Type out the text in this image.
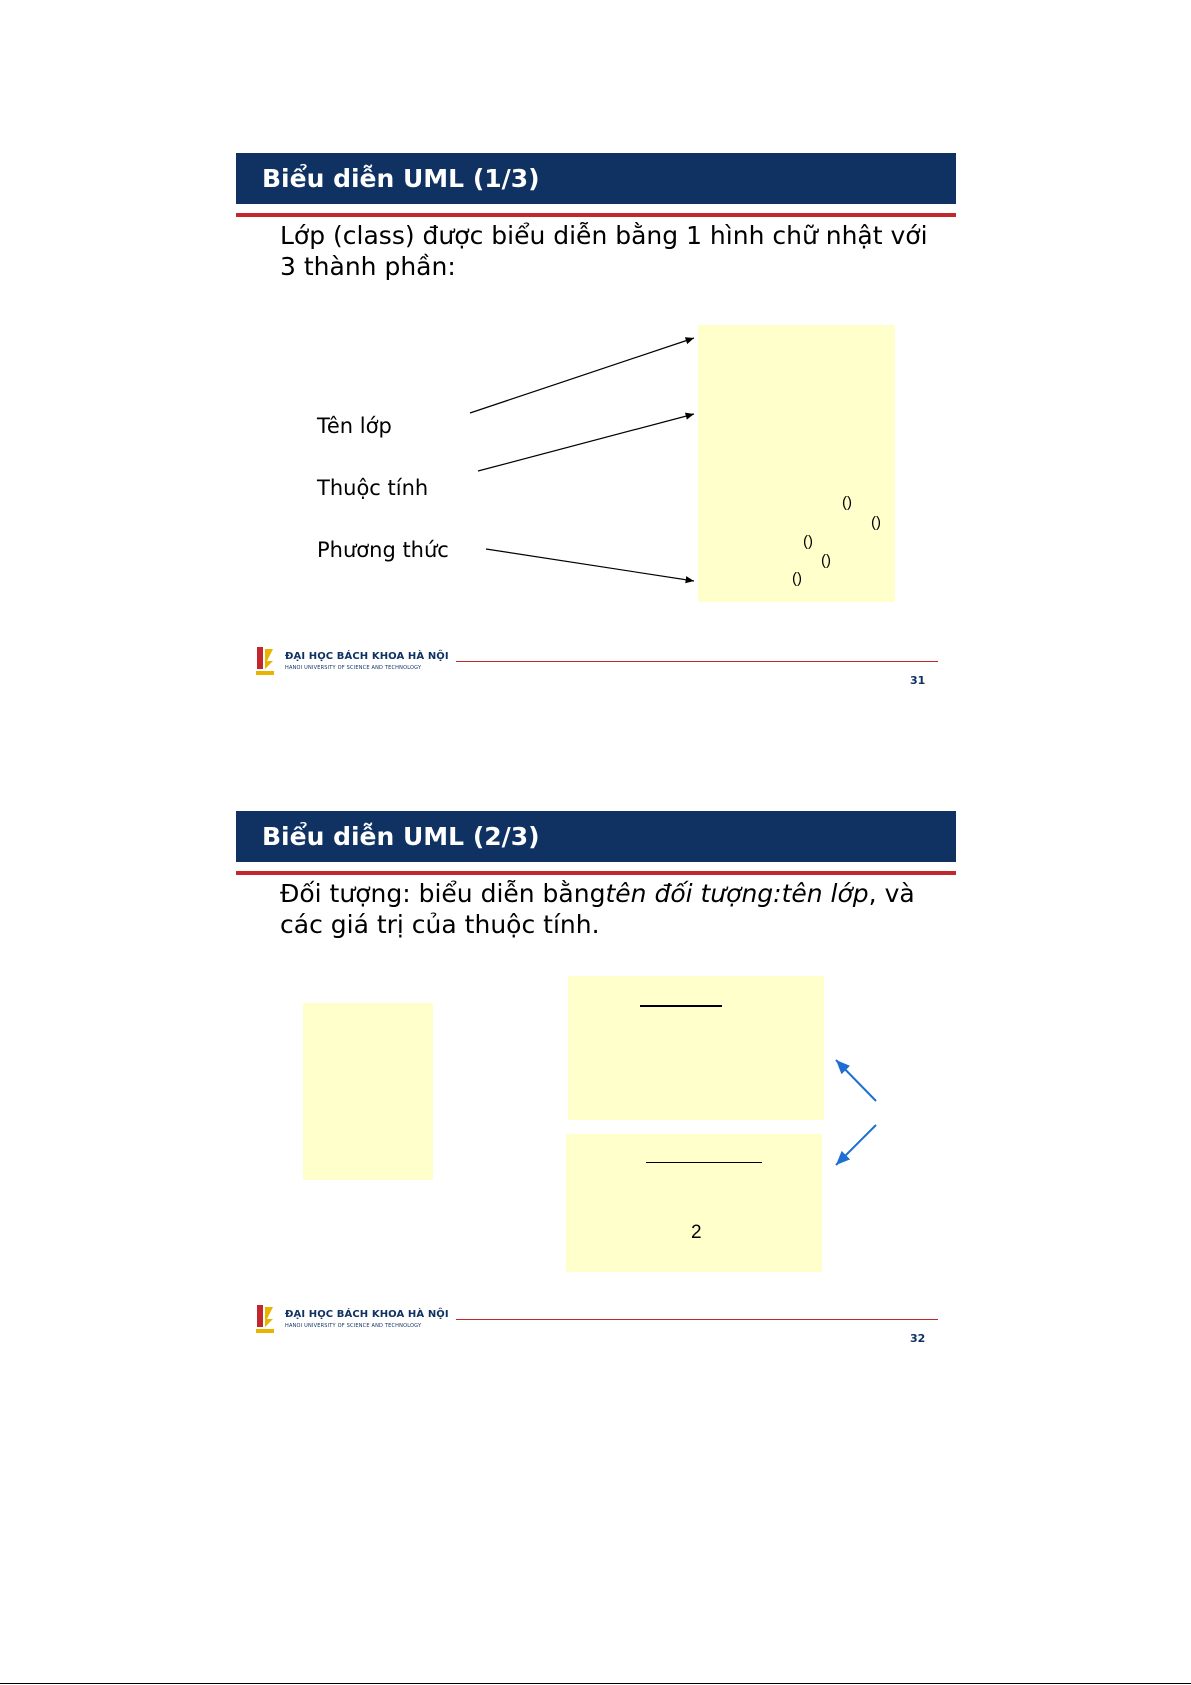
Biểu diễn UML (1/3)

Lớp (class) được biểu diễn bằng 1 hình chữ nhật với 3 thành phần:

Tên lớp
Thuộc tính
Phương thức
()
()
()
()
()
ĐẠI HỌC BÁCH KHOA HÀ NỘI
HANOI UNIVERSITY OF SCIENCE AND TECHNOLOGY
31
Biểu diễn UML (2/3)

Đối tượng: biểu diễn bằngtên đối tượng:tên lớp, và các giá trị của thuộc tính.

2
ĐẠI HỌC BÁCH KHOA HÀ NỘI
HANOI UNIVERSITY OF SCIENCE AND TECHNOLOGY
32
